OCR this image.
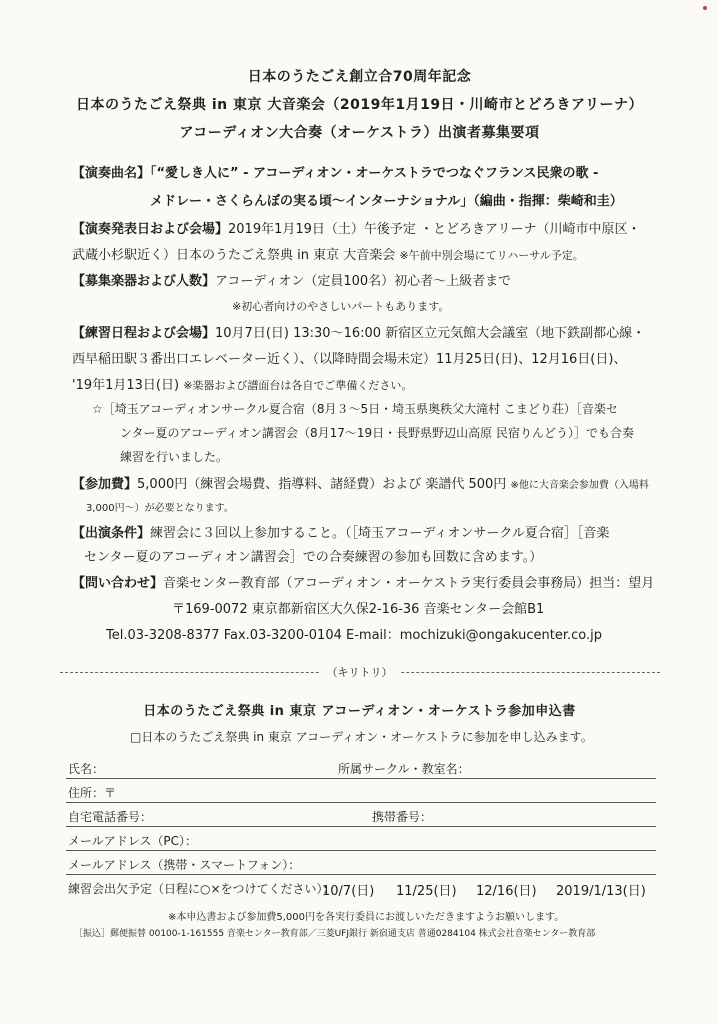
日本のうたごえ創立合70周年記念
日本のうたごえ祭典 in 東京 大音楽会（2019年1月19日・川崎市とどろきアリーナ）
アコーディオン大合奏（オーケストラ）出演者募集要項
【演奏曲名】「“愛しき人に” - アコーディオン・オーケストラでつなぐフランス民衆の歌 -
メドレー・さくらんぼの実る頃〜インターナショナル」（編曲・指揮：柴崎和圭）
【演奏発表日および会場】2019年1月19日（土）午後予定 ・とどろきアリーナ（川崎市中原区・
武蔵小杉駅近く）日本のうたごえ祭典 in 東京 大音楽会 ※午前中別会場にてリハーサル予定。
【募集楽器および人数】アコーディオン（定員100名）初心者〜上級者まで
※初心者向けのやさしいパートもあります。
【練習日程および会場】10月7日(日) 13:30〜16:00 新宿区立元気館大会議室（地下鉄副都心線・
西早稲田駅３番出口エレベーター近く）、（以降時間会場未定）11月25日(日)、12月16日(日)、
'19年1月13日(日) ※楽器および譜面台は各自でご準備ください。
☆［埼玉アコーディオンサークル夏合宿（8月３〜5日・埼玉県奥秩父大滝村 こまどり荘）［音楽セ
ンター夏のアコーディオン講習会（8月17〜19日・長野県野辺山高原 民宿りんどう）］でも合奏
練習を行いました。
【参加費】5,000円（練習会場費、指導料、諸経費）および 楽譜代 500円 ※他に大音楽会参加費（入場料
3,000円〜）が必要となります。
【出演条件】練習会に３回以上参加すること。（［埼玉アコーディオンサークル夏合宿］［音楽
センター夏のアコーディオン講習会］での合奏練習の参加も回数に含めます。）
【問い合わせ】音楽センター教育部（アコーディオン・オーケストラ実行委員会事務局）担当：望月
〒169-0072 東京都新宿区大久保2-16-36 音楽センター会館B1
Tel.03-3208-8377 Fax.03-3200-0104 E-mail：mochizuki@ongakucenter.co.jp
（キリトリ）
日本のうたごえ祭典 in 東京 アコーディオン・オーケストラ参加申込書
□日本のうたごえ祭典 in 東京 アコーディオン・オーケストラに参加を申し込みます。
氏名：	所属サークル・教室名：
住所：〒
自宅電話番号：	携帯番号：
メールアドレス（PC）：
メールアドレス（携帯・スマートフォン）：
練習会出欠予定（日程に○×をつけてください）：
10/7(日) 11/25(日) 12/16(日) 2019/1/13(日)
※本申込書および参加費5,000円を各実行委員にお渡しいただきますようお願いします。
［振込］郵便振替 00100-1-161555 音楽センター教育部／三菱UFJ銀行 新宿通支店 普通0284104 株式会社音楽センター教育部
